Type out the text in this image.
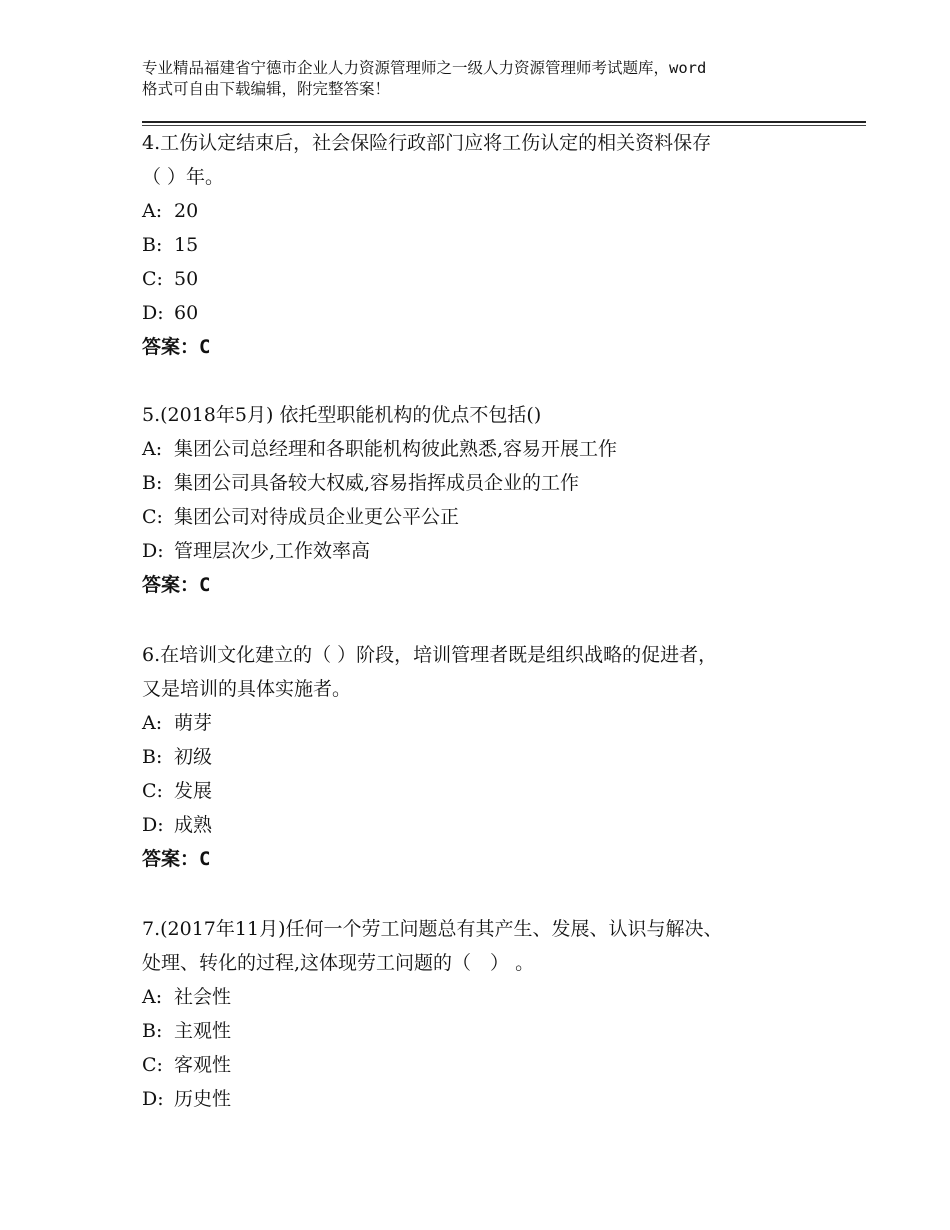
专业精品福建省宁德市企业人力资源管理师之一级人力资源管理师考试题库，word
格式可自由下载编辑，附完整答案！
4.工伤认定结束后，社会保险行政部门应将工伤认定的相关资料保存
（ ）年。
A: 20
B: 15
C: 50
D: 60
答案：C
5.(2018年5月) 依托型职能机构的优点不包括()
A: 集团公司总经理和各职能机构彼此熟悉,容易开展工作
B: 集团公司具备较大权威,容易指挥成员企业的工作
C: 集团公司对待成员企业更公平公正
D: 管理层次少,工作效率高
答案：C
6.在培训文化建立的（ ）阶段，培训管理者既是组织战略的促进者，
又是培训的具体实施者。
A: 萌芽
B: 初级
C: 发展
D: 成熟
答案：C
7.(2017年11月)任何一个劳工问题总有其产生、发展、认识与解决、
处理、转化的过程,这体现劳工问题的（　） 。
A: 社会性
B: 主观性
C: 客观性
D: 历史性
